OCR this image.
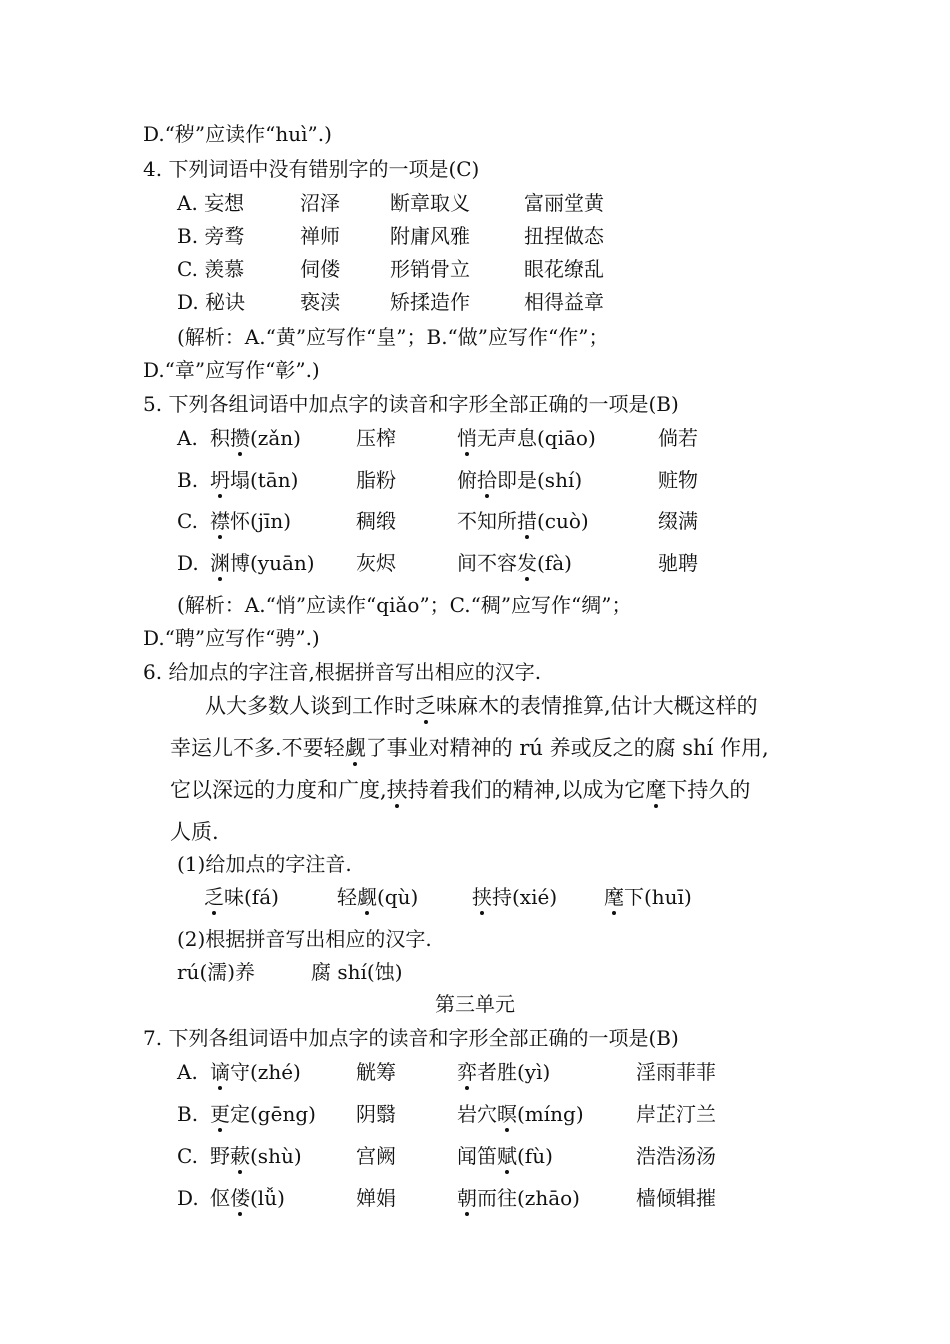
D.“秽”应读作“huì”.)
4. 下列词语中没有错别字的一项是(C)
A. 妄想	沼泽	断章取义	富丽堂黄
B. 旁骛	禅师	附庸风雅	扭捏做态
C. 羡慕	伺偻	形销骨立	眼花缭乱
D. 秘诀	亵渎	矫揉造作	相得益章
(解析：A.“黄”应写作“皇”；B.“做”应写作“作”；
D.“章”应写作“彰”.)
5. 下列各组词语中加点字的读音和字形全部正确的一项是(B)
A. 积攒(zǎn)	压榨	悄无声息(qiāo)	倘若
B. 坍塌(tān)	脂粉	俯拾即是(shí)	赃物
C. 襟怀(jīn)	稠缎	不知所措(cuò)	缀满
D. 渊博(yuān) 灰烬	间不容发(fà)	驰聘
(解析：A.“悄”应读作“qiǎo”；C.“稠”应写作“绸”；
D.“聘”应写作“骋”.)
6. 给加点的字注音,根据拼音写出相应的汉字.
从大多数人谈到工作时乏味麻木的表情推算,估计大概这样的
幸运儿不多.不要轻觑了事业对精神的 rú 养或反之的腐 shí 作用,
它以深远的力度和广度,挟持着我们的精神,以成为它麾下持久的
人质.
(1)给加点的字注音.
乏味(fá)	轻觑(qù)	挟持(xié) 麾下(huī)
(2)根据拼音写出相应的汉字.
rú(濡)养	腐 shí(蚀)
第三单元
7. 下列各组词语中加点字的读音和字形全部正确的一项是(B)
A. 谪守(zhé)	觥筹	弈者胜(yì)	淫雨菲菲
B. 更定(gēng) 阴翳	岩穴暝(míng)	岸芷汀兰
C. 野蔌(shù)	宫阙	闻笛赋(fù)	浩浩汤汤
D. 伛偻(lǚ)	婵娟	朝而往(zhāo)	樯倾辑摧
